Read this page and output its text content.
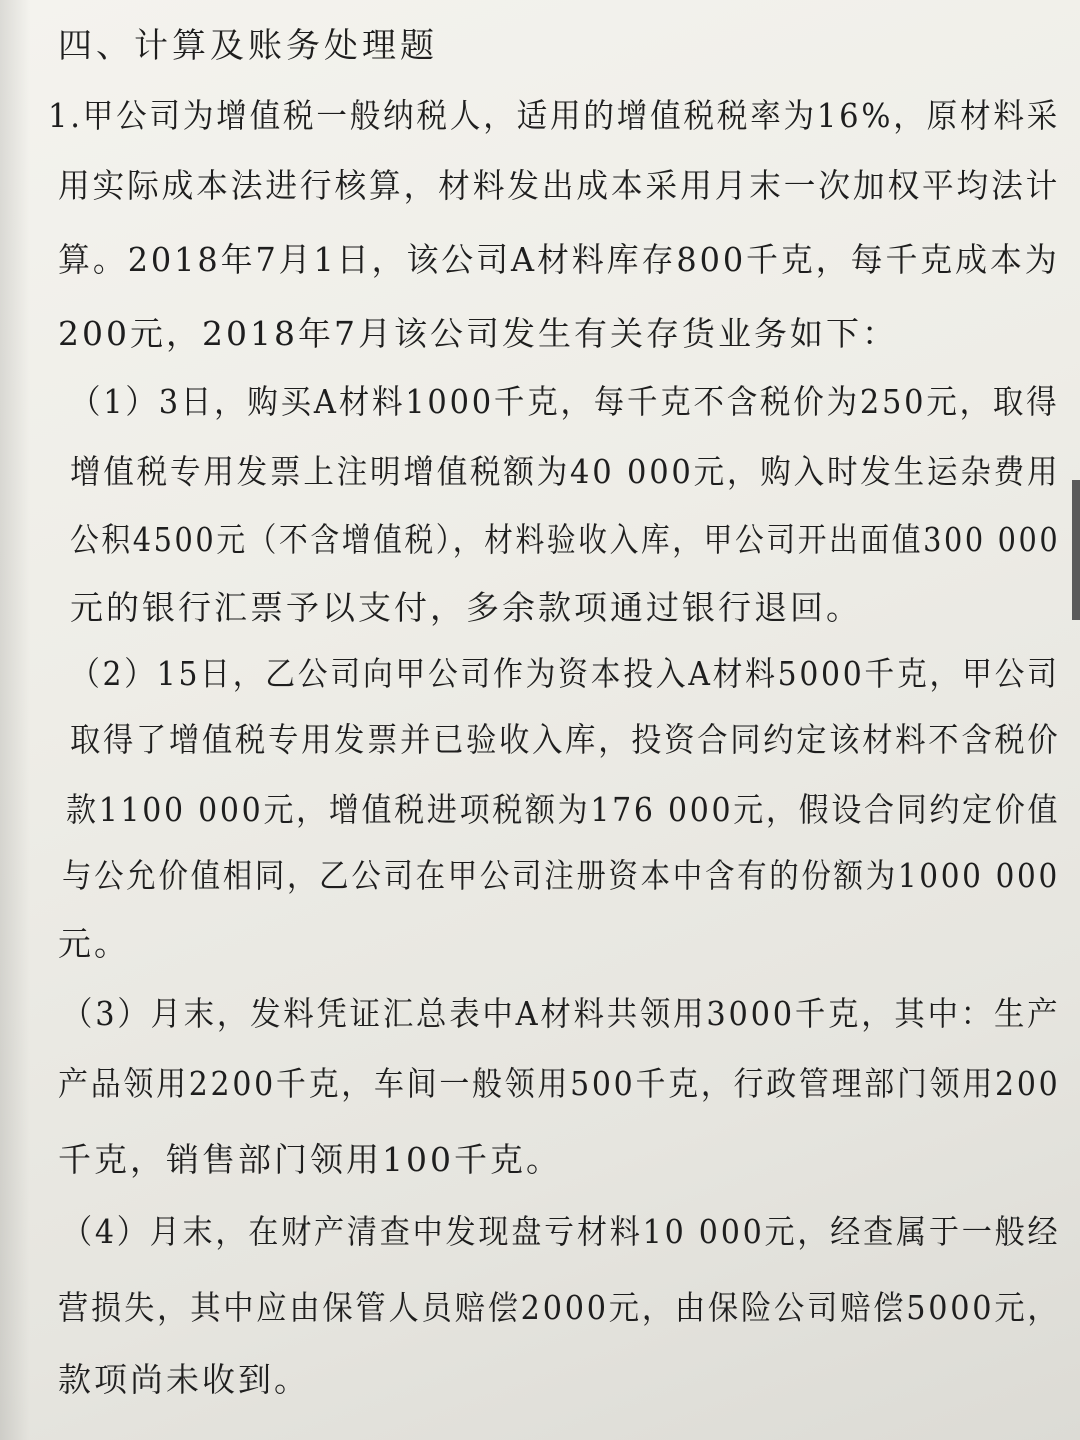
四、计算及账务处理题
1.甲公司为增值税一般纳税人，适用的增值税税率为16%，原材料采
用实际成本法进行核算，材料发出成本采用月末一次加权平均法计
算。2018年7月1日，该公司A材料库存800千克，每千克成本为
200元，2018年7月该公司发生有关存货业务如下：
（1）3日，购买A材料1000千克，每千克不含税价为250元，取得
增值税专用发票上注明增值税额为40 000元，购入时发生运杂费用
公积4500元（不含增值税），材料验收入库，甲公司开出面值300 000
元的银行汇票予以支付，多余款项通过银行退回。
（2）15日，乙公司向甲公司作为资本投入A材料5000千克，甲公司
取得了增值税专用发票并已验收入库，投资合同约定该材料不含税价
款1100 000元，增值税进项税额为176 000元，假设合同约定价值
与公允价值相同，乙公司在甲公司注册资本中含有的份额为1000 000
元。
（3）月末，发料凭证汇总表中A材料共领用3000千克，其中：生产
产品领用2200千克，车间一般领用500千克，行政管理部门领用200
千克，销售部门领用100千克。
（4）月末，在财产清查中发现盘亏材料10 000元，经查属于一般经
营损失，其中应由保管人员赔偿2000元，由保险公司赔偿5000元，
款项尚未收到。
